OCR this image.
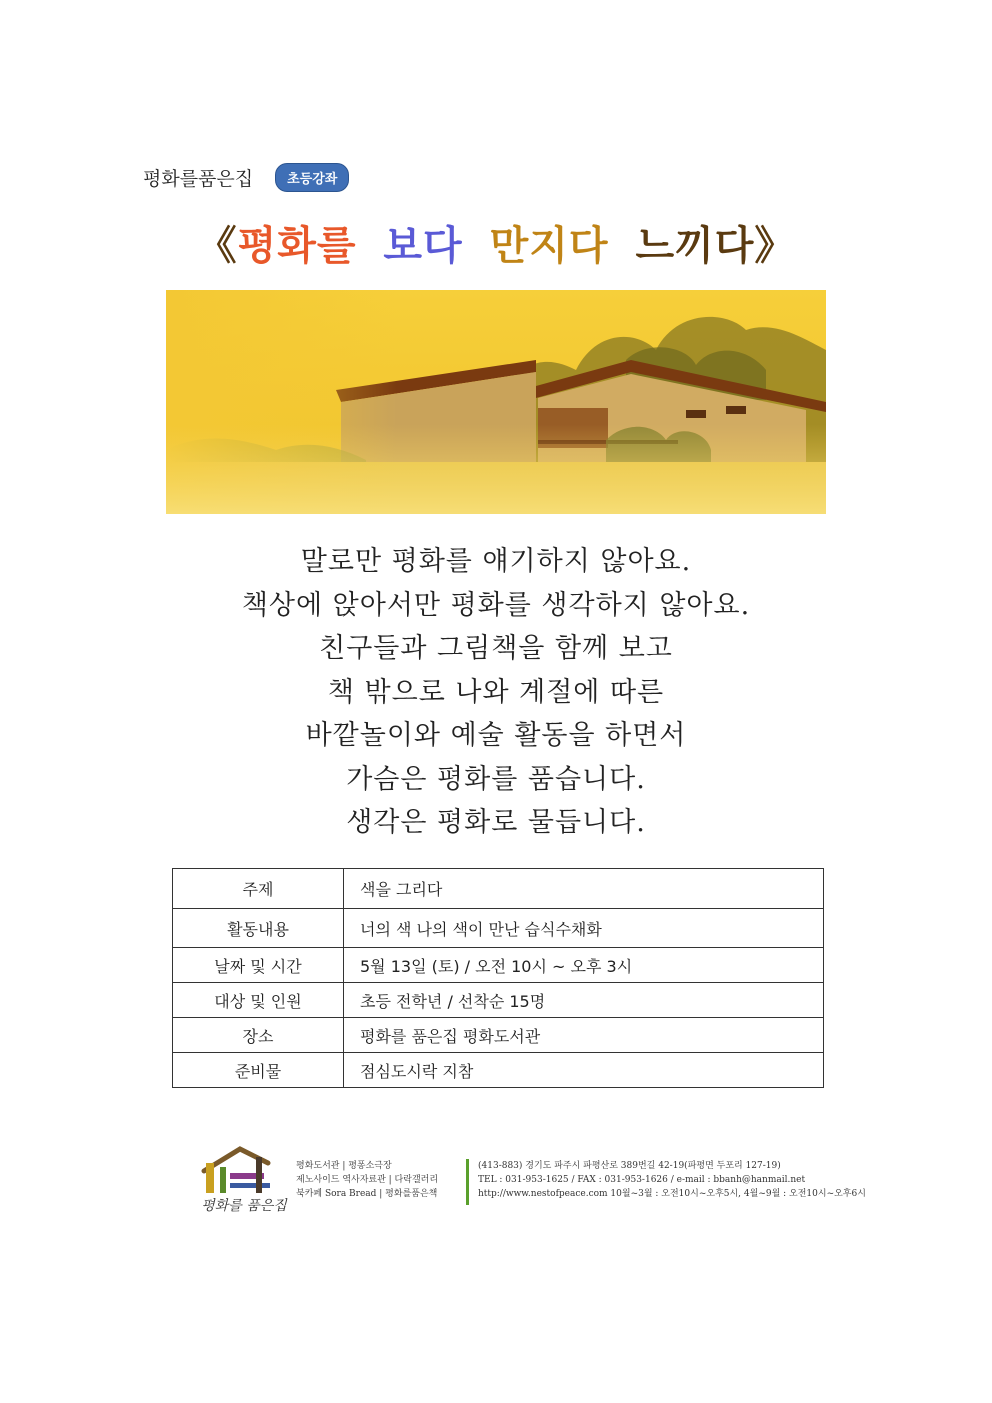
평화를품은집	초등강좌
《평화를 보다 만지다 느끼다》
말로만 평화를 얘기하지 않아요.
책상에 앉아서만 평화를 생각하지 않아요.
친구들과 그림책을 함께 보고
책 밖으로 나와 계절에 따른
바깥놀이와 예술 활동을 하면서
가슴은 평화를 품습니다.
생각은 평화로 물듭니다.
주제	색을 그리다
활동내용	너의 색 나의 색이 만난 습식수채화
날짜 및 시간	5월 13일 (토) / 오전 10시 ~ 오후 3시
대상 및 인원	초등 전학년 / 선착순 15명
장소	평화를 품은집 평화도서관
준비물	점심도시락 지참
평화를 품은집
평화도서관 | 평퐁소극장
제노사이드 역사자료관 | 다락갤러리
북카페 Sora Bread | 평화를품은책
(413-883) 경기도 파주시 파평산로 389번길 42-19(파평면 두포리 127-19)
TEL : 031-953-1625 / FAX : 031-953-1626 / e-mail : bbanh@hanmail.net
http://www.nestofpeace.com 10월~3월 : 오전10시~오후5시, 4월~9월 : 오전10시~오후6시
